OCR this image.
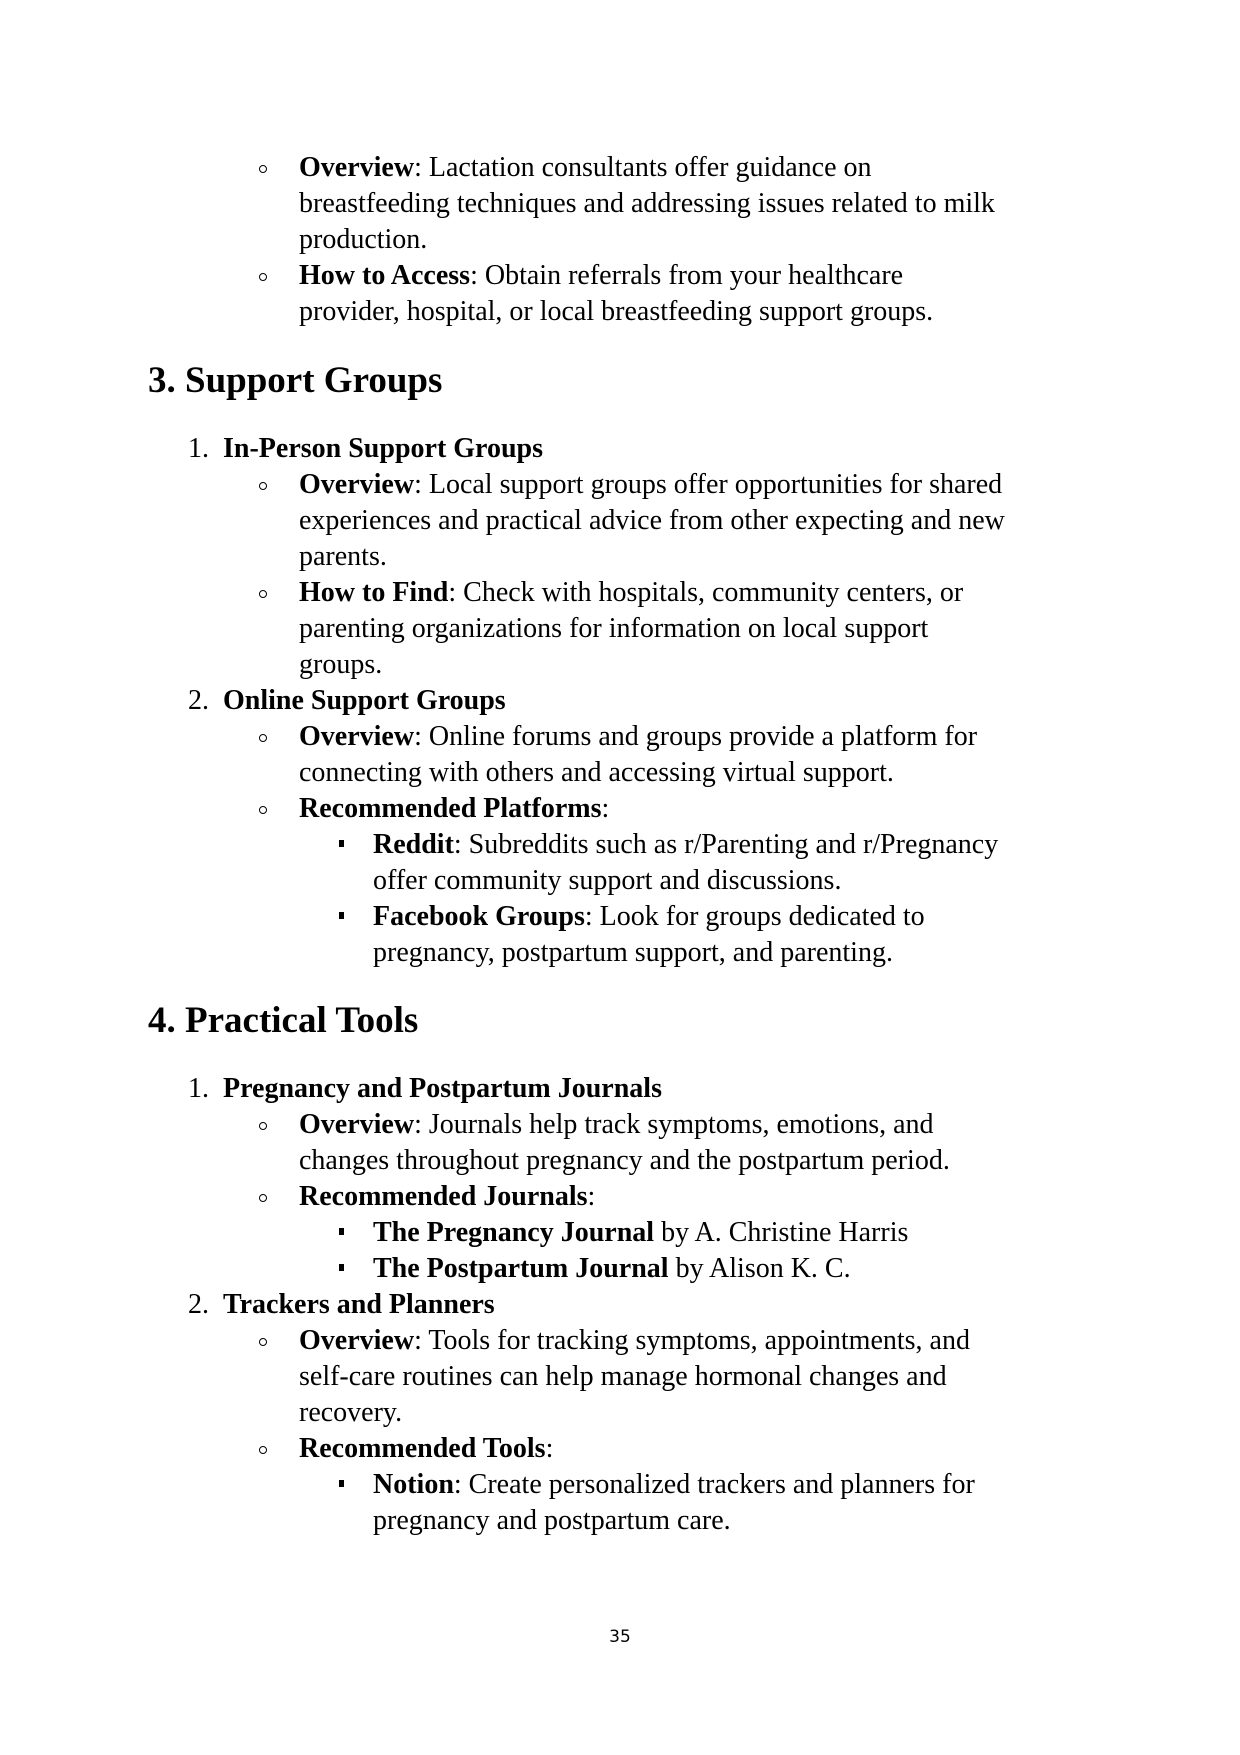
Overview: Lactation consultants offer guidance on
breastfeeding techniques and addressing issues related to milk
production.
How to Access: Obtain referrals from your healthcare
provider, hospital, or local breastfeeding support groups.
3. Support Groups
1. In-Person Support Groups
Overview: Local support groups offer opportunities for shared
experiences and practical advice from other expecting and new
parents.
How to Find: Check with hospitals, community centers, or
parenting organizations for information on local support
groups.
2. Online Support Groups
Overview: Online forums and groups provide a platform for
connecting with others and accessing virtual support.
Recommended Platforms:
Reddit: Subreddits such as r/Parenting and r/Pregnancy
offer community support and discussions.
Facebook Groups: Look for groups dedicated to
pregnancy, postpartum support, and parenting.
4. Practical Tools
1. Pregnancy and Postpartum Journals
Overview: Journals help track symptoms, emotions, and
changes throughout pregnancy and the postpartum period.
Recommended Journals:
The Pregnancy Journal by A. Christine Harris
The Postpartum Journal by Alison K. C.
2. Trackers and Planners
Overview: Tools for tracking symptoms, appointments, and
self-care routines can help manage hormonal changes and
recovery.
Recommended Tools:
Notion: Create personalized trackers and planners for
pregnancy and postpartum care.
35
